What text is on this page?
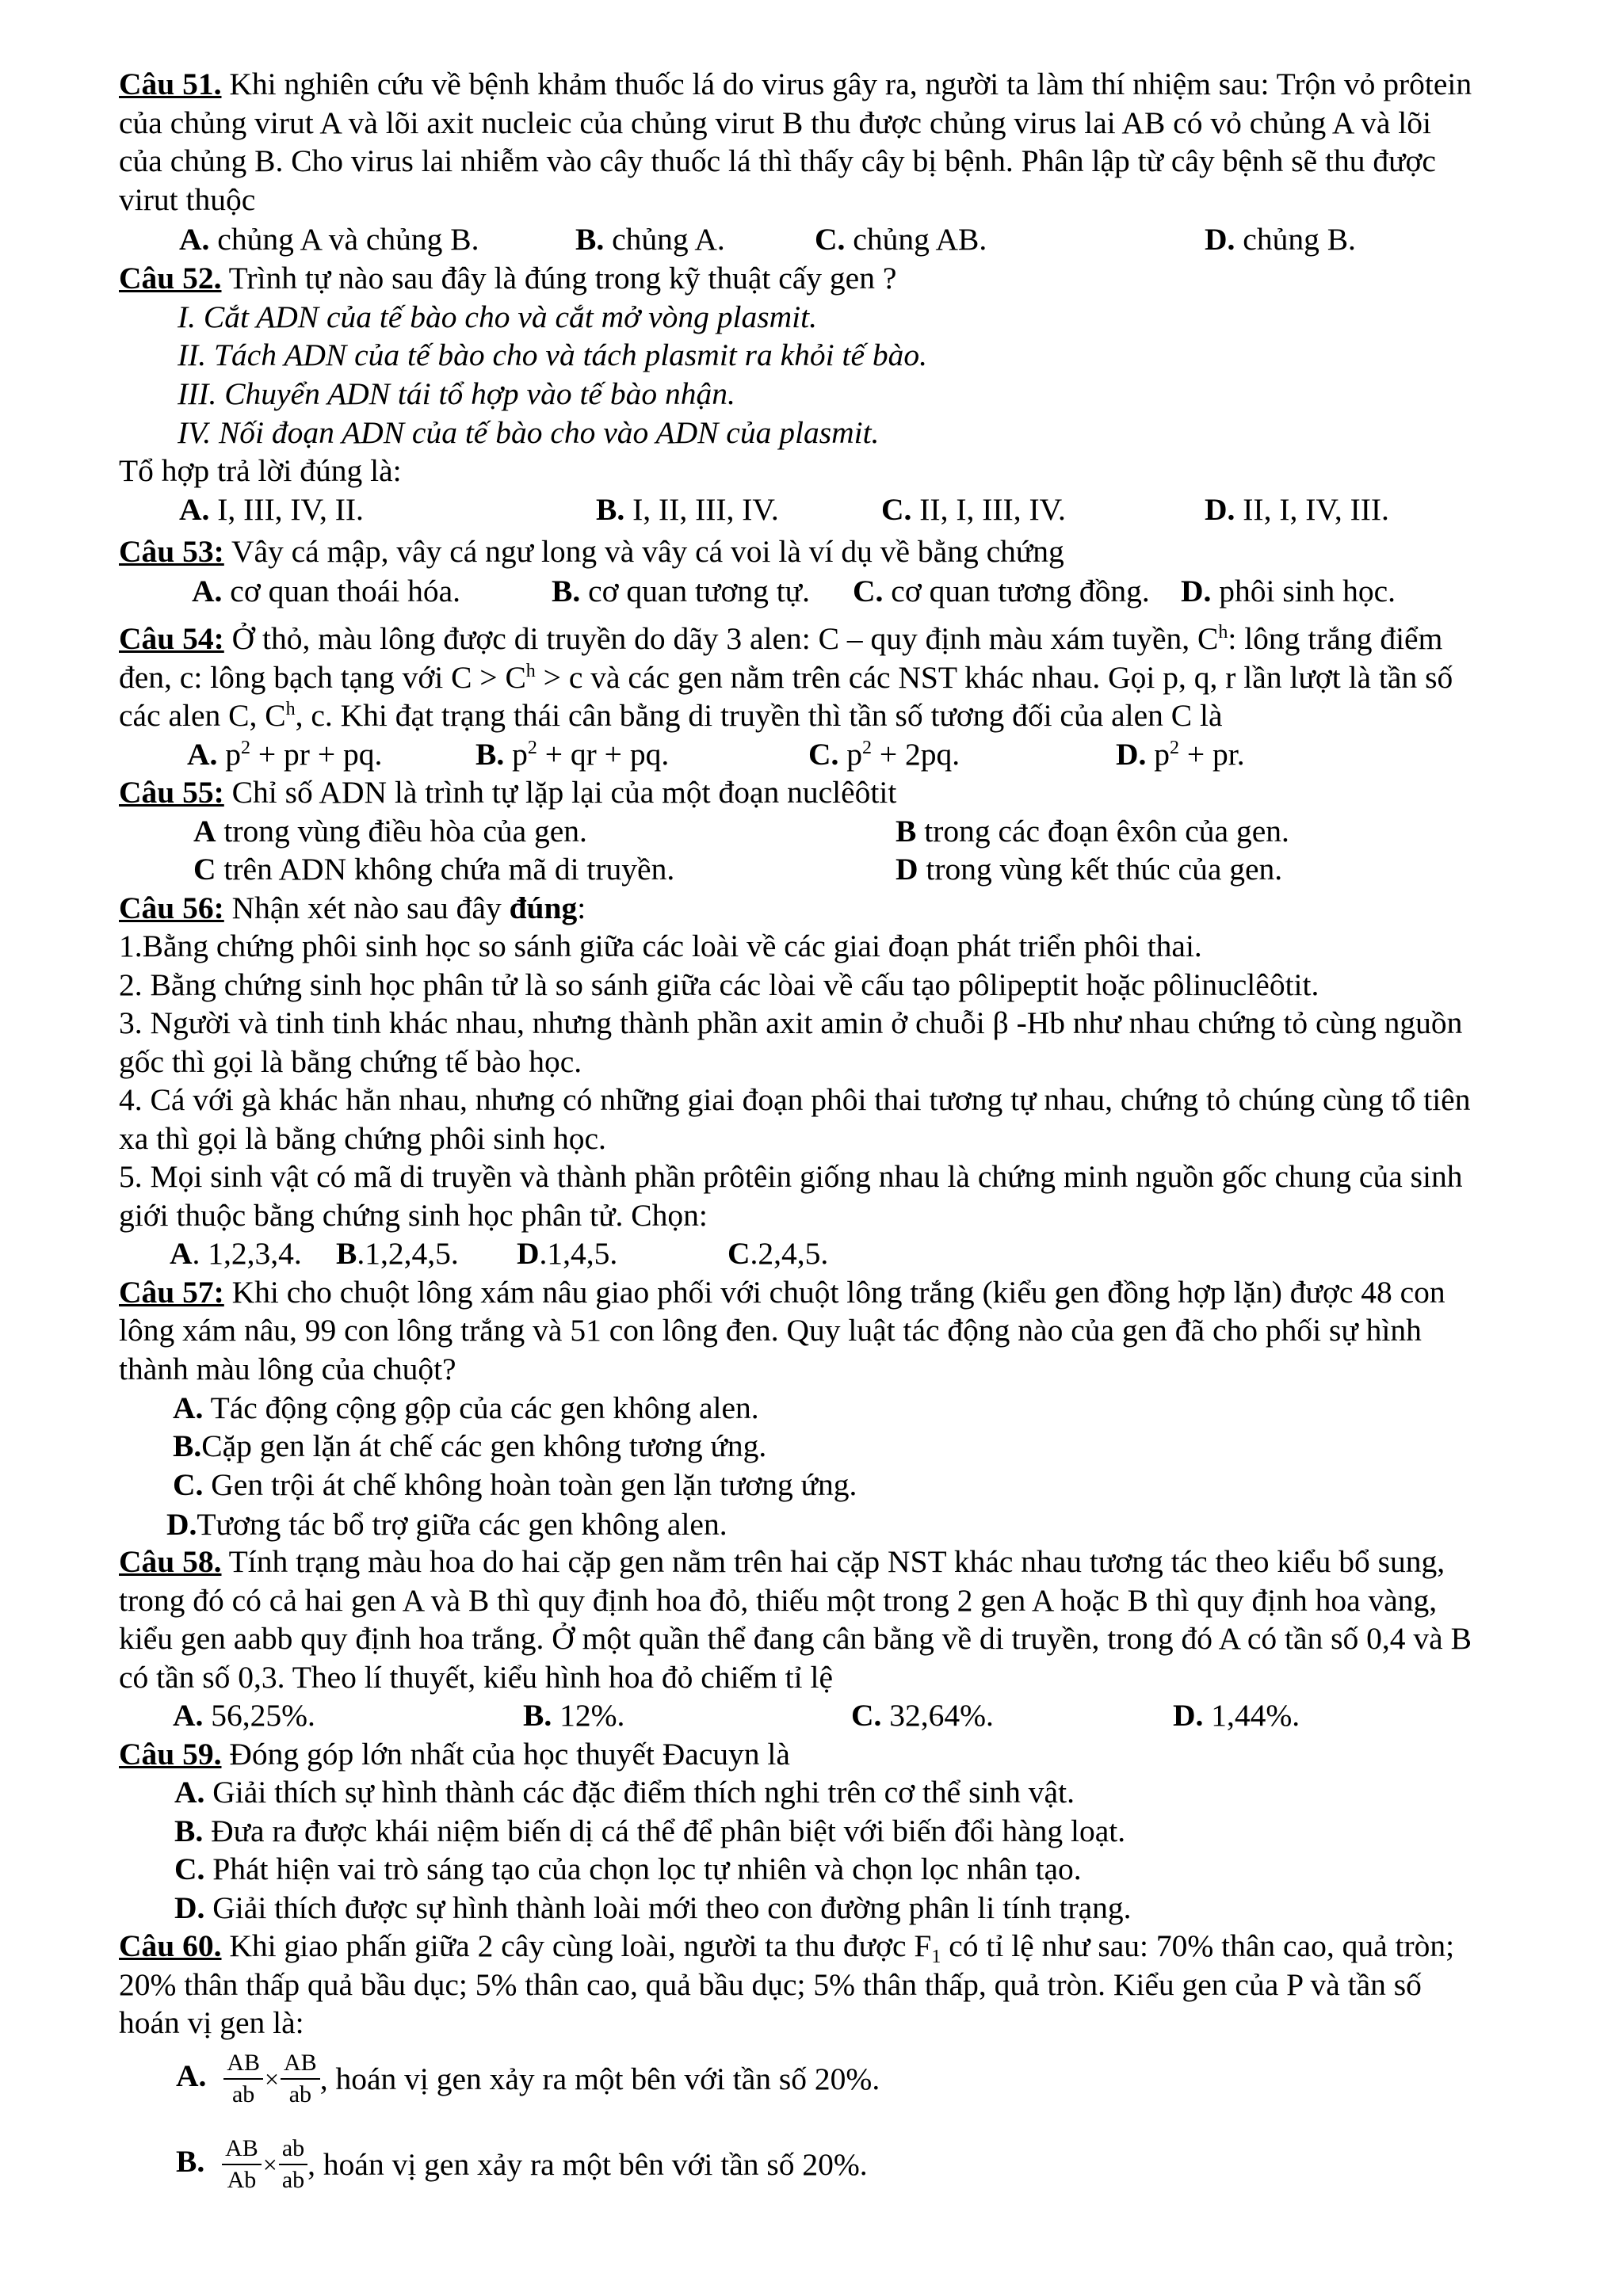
Câu 51. Khi nghiên cứu về bệnh khảm thuốc lá do virus gây ra, người ta làm thí nhiệm sau: Trộn vỏ prôtein
của chủng virut A và lõi axit nucleic của chủng virut B thu được chủng virus lai AB có vỏ chủng A và lõi
của chủng B. Cho virus lai nhiễm vào cây thuốc lá thì thấy cây bị bệnh. Phân lập từ cây bệnh sẽ thu được
virut thuộc
A. chủng A và chủng B.	B. chủng A.	C. chủng AB.	D. chủng B.
Câu 52. Trình tự nào sau đây là đúng trong kỹ thuật cấy gen ?
I. Cắt ADN của tế bào cho và cắt mở vòng plasmit.
II. Tách ADN của tế bào cho và tách plasmit ra khỏi tế bào.
III. Chuyển ADN tái tổ hợp vào tế bào nhận.
IV. Nối đoạn ADN của tế bào cho vào ADN của plasmit.
Tổ hợp trả lời đúng là:
A. I, III, IV, II.	B. I, II, III, IV.	C. II, I, III, IV.	D. II, I, IV, III.
Câu 53: Vây cá mập, vây cá ngư long và vây cá voi là ví dụ về bằng chứng
A. cơ quan thoái hóa.	B. cơ quan tương tự. C. cơ quan tương đồng. D. phôi sinh học.
Câu 54: Ở thỏ, màu lông được di truyền do dãy 3 alen: C – quy định màu xám tuyền, $C^h$: lông trắng điểm
đen, c: lông bạch tạng với $C > C^h > c$ và các gen nằm trên các NST khác nhau. Gọi p, q, r lần lượt là tần số
các alen C, $C^h$, c. Khi đạt trạng thái cân bằng di truyền thì tần số tương đối của alen C là
A. $p^2$ + pr + pq.	B. $p^2$ + qr + pq.	C. $p^2 + 2pq$.	D. $p^2$ + pr.
Câu 55: Chỉ số ADN là trình tự lặp lại của một đoạn nuclêôtit
A trong vùng điều hòa của gen.	B trong các đoạn êxôn của gen.
C trên ADN không chứa mã di truyền.	D trong vùng kết thúc của gen.
Câu 56: Nhận xét nào sau đây đúng:
1.Bằng chứng phôi sinh học so sánh giữa các loài về các giai đoạn phát triển phôi thai.
2. Bằng chứng sinh học phân tử là so sánh giữa các lòai về cấu tạo pôlipeptit hoặc pôlinuclêôtit.
3. Người và tinh tinh khác nhau, nhưng thành phần axit amin ở chuỗi β -Hb như nhau chứng tỏ cùng nguồn
gốc thì gọi là bằng chứng tế bào học.
4. Cá với gà khác hẳn nhau, nhưng có những giai đoạn phôi thai tương tự nhau, chứng tỏ chúng cùng tổ tiên
xa thì gọi là bằng chứng phôi sinh học.
5. Mọi sinh vật có mã di truyền và thành phần prôtêin giống nhau là chứng minh nguồn gốc chung của sinh
giới thuộc bằng chứng sinh học phân tử. Chọn:
A. 1,2,3,4. B.1,2,4,5. D.1,4,5.	C.2,4,5.
Câu 57: Khi cho chuột lông xám nâu giao phối với chuột lông trắng (kiểu gen đồng hợp lặn) được 48 con
lông xám nâu, 99 con lông trắng và 51 con lông đen. Quy luật tác động nào của gen đã cho phối sự hình
thành màu lông của chuột?
A. Tác động cộng gộp của các gen không alen.
B.Cặp gen lặn át chế các gen không tương ứng.
C. Gen trội át chế không hoàn toàn gen lặn tương ứng.
D.Tương tác bổ trợ giữa các gen không alen.
Câu 58. Tính trạng màu hoa do hai cặp gen nằm trên hai cặp NST khác nhau tương tác theo kiểu bổ sung,
trong đó có cả hai gen A và B thì quy định hoa đỏ, thiếu một trong 2 gen A hoặc B thì quy định hoa vàng,
kiểu gen aabb quy định hoa trắng. Ở một quần thể đang cân bằng về di truyền, trong đó A có tần số 0,4 và B
có tần số 0,3. Theo lí thuyết, kiểu hình hoa đỏ chiếm tỉ lệ
A. 56,25%.	B. 12%.	C. 32,64%.	D. 1,44%.
Câu 59. Đóng góp lớn nhất của học thuyết Đacuyn là
A. Giải thích sự hình thành các đặc điểm thích nghi trên cơ thể sinh vật.
B. Đưa ra được khái niệm biến dị cá thể để phân biệt với biến đổi hàng loạt.
C. Phát hiện vai trò sáng tạo của chọn lọc tự nhiên và chọn lọc nhân tạo.
D. Giải thích được sự hình thành loài mới theo con đường phân li tính trạng.
Câu 60. Khi giao phấn giữa 2 cây cùng loài, người ta thu được $F_1$ có tỉ lệ như sau: 70% thân cao, quả tròn;
20% thân thấp quả bầu dục; 5% thân cao, quả bầu dục; 5% thân thấp, quả tròn. Kiểu gen của P và tần số
hoán vị gen là:
A. $\frac{AB}{ab} \times \frac{AB}{ab}$ , hoán vị gen xảy ra một bên với tần số 20%.
B. $\frac{AB}{Ab} \times \frac{ab}{ab}$ , hoán vị gen xảy ra một bên với tần số 20%.
